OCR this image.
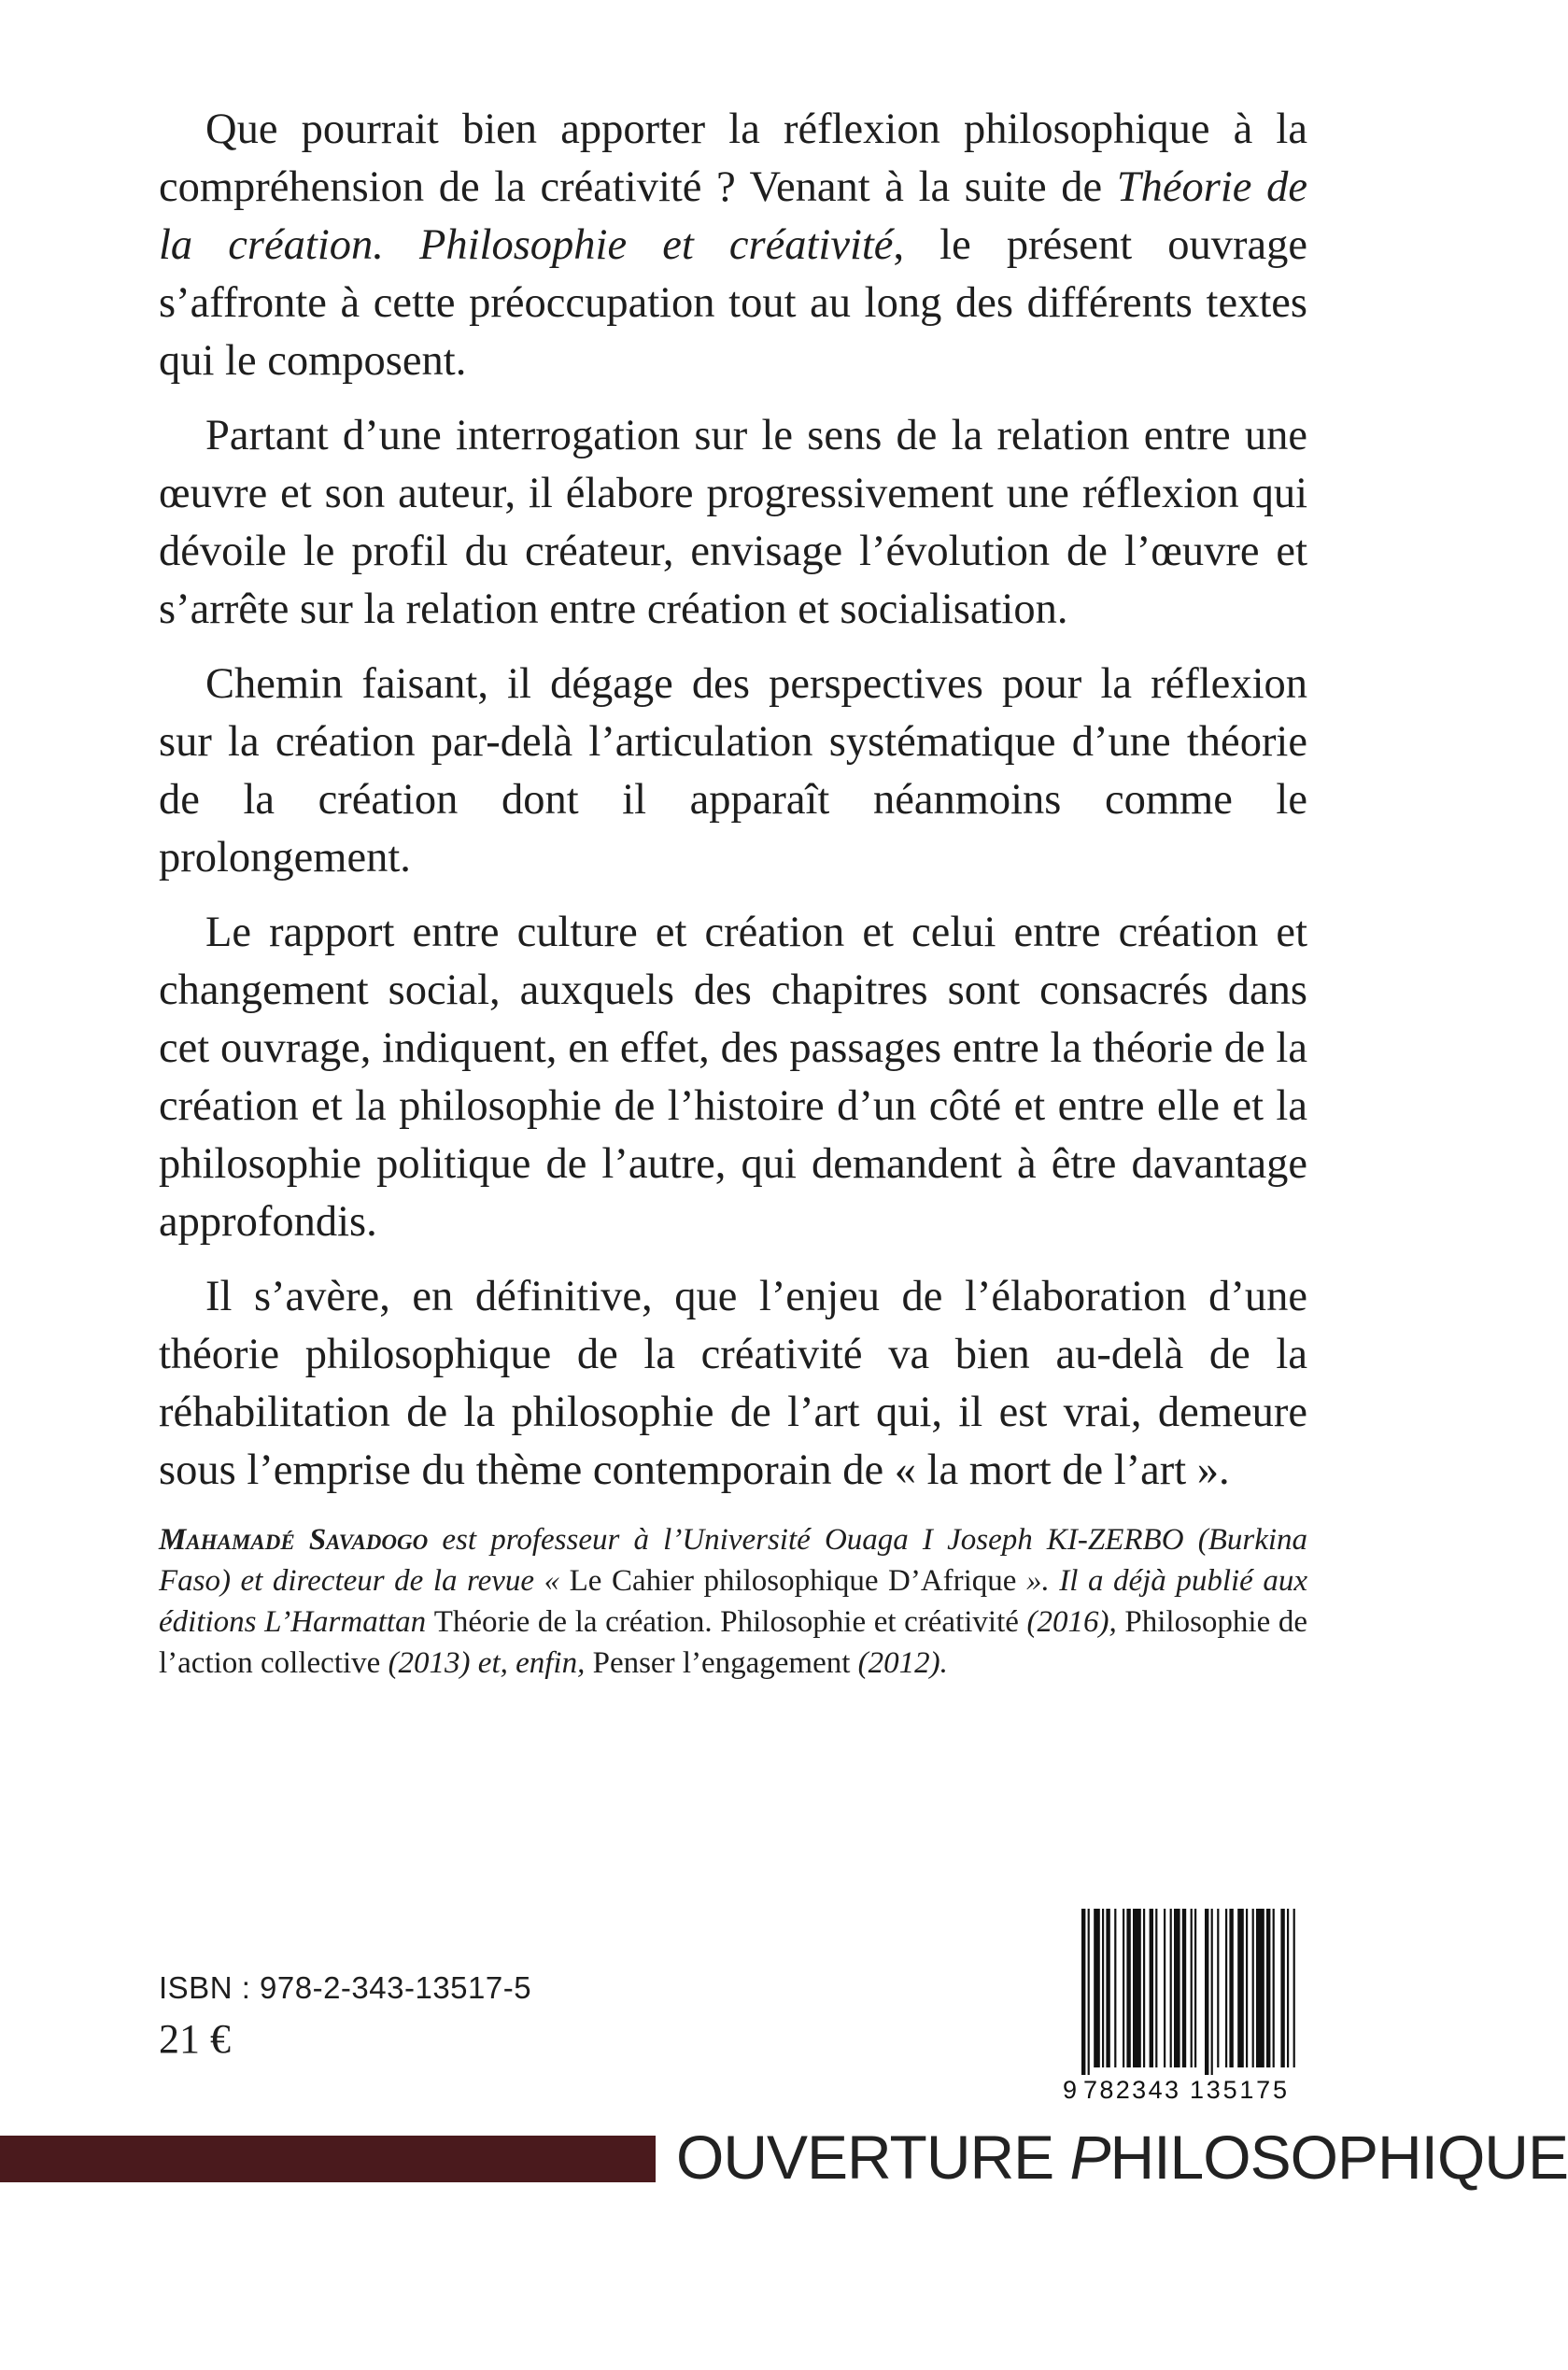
Que pourrait bien apporter la réflexion philosophique à la compréhension de la créativité ? Venant à la suite de Théorie de la création. Philosophie et créativité, le présent ouvrage s’affronte à cette préoccupation tout au long des différents textes qui le composent.

Partant d’une interrogation sur le sens de la relation entre une œuvre et son auteur, il élabore progressivement une réflexion qui dévoile le profil du créateur, envisage l’évolution de l’œuvre et s’arrête sur la relation entre création et socialisation.

Chemin faisant, il dégage des perspectives pour la réflexion sur la création par-delà l’articulation systématique d’une théorie de la création dont il apparaît néanmoins comme le prolongement.

Le rapport entre culture et création et celui entre création et changement social, auxquels des chapitres sont consacrés dans cet ouvrage, indiquent, en effet, des passages entre la théorie de la création et la philosophie de l’histoire d’un côté et entre elle et la philosophie politique de l’autre, qui demandent à être davantage approfondis.

Il s’avère, en définitive, que l’enjeu de l’élaboration d’une théorie philosophique de la créativité va bien au-delà de la réhabilitation de la philosophie de l’art qui, il est vrai, demeure sous l’emprise du thème contemporain de « la mort de l’art ».

Mahamadé Savadogo est professeur à l’Université Ouaga I Joseph KI-ZERBO (Burkina Faso) et directeur de la revue « Le Cahier philosophique D’Afrique ». Il a déjà publié aux éditions L’Harmattan Théorie de la création. Philosophie et créativité (2016), Philosophie de l’action collective (2013) et, enfin, Penser l’engagement (2012).
ISBN : 978-2-343-13517-5
21 €
9 782343 135175
OUVERTURE PHILOSOPHIQUE
